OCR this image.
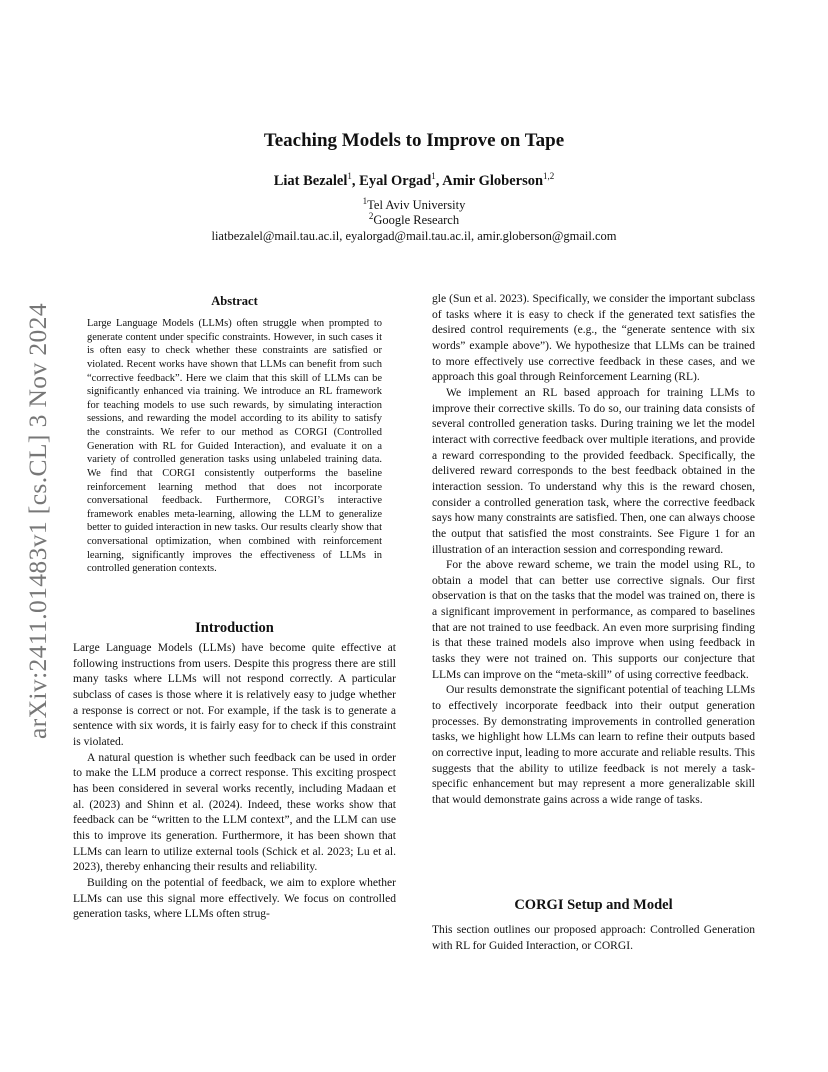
arXiv:2411.01483v1 [cs.CL] 3 Nov 2024
Teaching Models to Improve on Tape
Liat Bezalel$^1$, Eyal Orgad$^1$, Amir Globerson$^{1,2}$
$^1$Tel Aviv University
$^2$Google Research
liatbezalel@mail.tau.ac.il, eyalorgad@mail.tau.ac.il, amir.globerson@gmail.com
Abstract

Large Language Models (LLMs) often struggle when prompted to generate content under specific constraints. However, in such cases it is often easy to check whether these constraints are satisfied or violated. Recent works have shown that LLMs can benefit from such “corrective feedback”. Here we claim that this skill of LLMs can be significantly enhanced via training. We introduce an RL framework for teaching models to use such rewards, by simulating interaction sessions, and rewarding the model according to its ability to satisfy the constraints. We refer to our method as CORGI (Controlled Generation with RL for Guided Interaction), and evaluate it on a variety of controlled generation tasks using unlabeled training data. We find that CORGI consistently outperforms the baseline reinforcement learning method that does not incorporate conversational feedback. Furthermore, CORGI’s interactive framework enables meta-learning, allowing the LLM to generalize better to guided interaction in new tasks. Our results clearly show that conversational optimization, when combined with reinforcement learning, significantly improves the effectiveness of LLMs in controlled generation contexts.

Introduction

Large Language Models (LLMs) have become quite effective at following instructions from users. Despite this progress there are still many tasks where LLMs will not respond correctly. A particular subclass of cases is those where it is relatively easy to judge whether a response is correct or not. For example, if the task is to generate a sentence with six words, it is fairly easy for to check if this constraint is violated.

A natural question is whether such feedback can be used in order to make the LLM produce a correct response. This exciting prospect has been considered in several works recently, including Madaan et al. (2023) and Shinn et al. (2024). Indeed, these works show that feedback can be “written to the LLM context”, and the LLM can use this to improve its generation. Furthermore, it has been shown that LLMs can learn to utilize external tools (Schick et al. 2023; Lu et al. 2023), thereby enhancing their results and reliability.

Building on the potential of feedback, we aim to explore whether LLMs can use this signal more effectively. We focus on controlled generation tasks, where LLMs often strug-

gle (Sun et al. 2023). Specifically, we consider the important subclass of tasks where it is easy to check if the generated text satisfies the desired control requirements (e.g., the “generate sentence with six words” example above”). We hypothesize that LLMs can be trained to more effectively use corrective feedback in these cases, and we approach this goal through Reinforcement Learning (RL).

We implement an RL based approach for training LLMs to improve their corrective skills. To do so, our training data consists of several controlled generation tasks. During training we let the model interact with corrective feedback over multiple iterations, and provide a reward corresponding to the provided feedback. Specifically, the delivered reward corresponds to the best feedback obtained in the interaction session. To understand why this is the reward chosen, consider a controlled generation task, where the corrective feedback says how many constraints are satisfied. Then, one can always choose the output that satisfied the most constraints. See Figure 1 for an illustration of an interaction session and corresponding reward.

For the above reward scheme, we train the model using RL, to obtain a model that can better use corrective signals. Our first observation is that on the tasks that the model was trained on, there is a significant improvement in performance, as compared to baselines that are not trained to use feedback. An even more surprising finding is that these trained models also improve when using feedback in tasks they were not trained on. This supports our conjecture that LLMs can improve on the “meta-skill” of using corrective feedback.

Our results demonstrate the significant potential of teaching LLMs to effectively incorporate feedback into their output generation processes. By demonstrating improvements in controlled generation tasks, we highlight how LLMs can learn to refine their outputs based on corrective input, leading to more accurate and reliable results. This suggests that the ability to utilize feedback is not merely a task-specific enhancement but may represent a more generalizable skill that would demonstrate gains across a wide range of tasks.

CORGI Setup and Model

This section outlines our proposed approach: Controlled Generation with RL for Guided Interaction, or CORGI.
